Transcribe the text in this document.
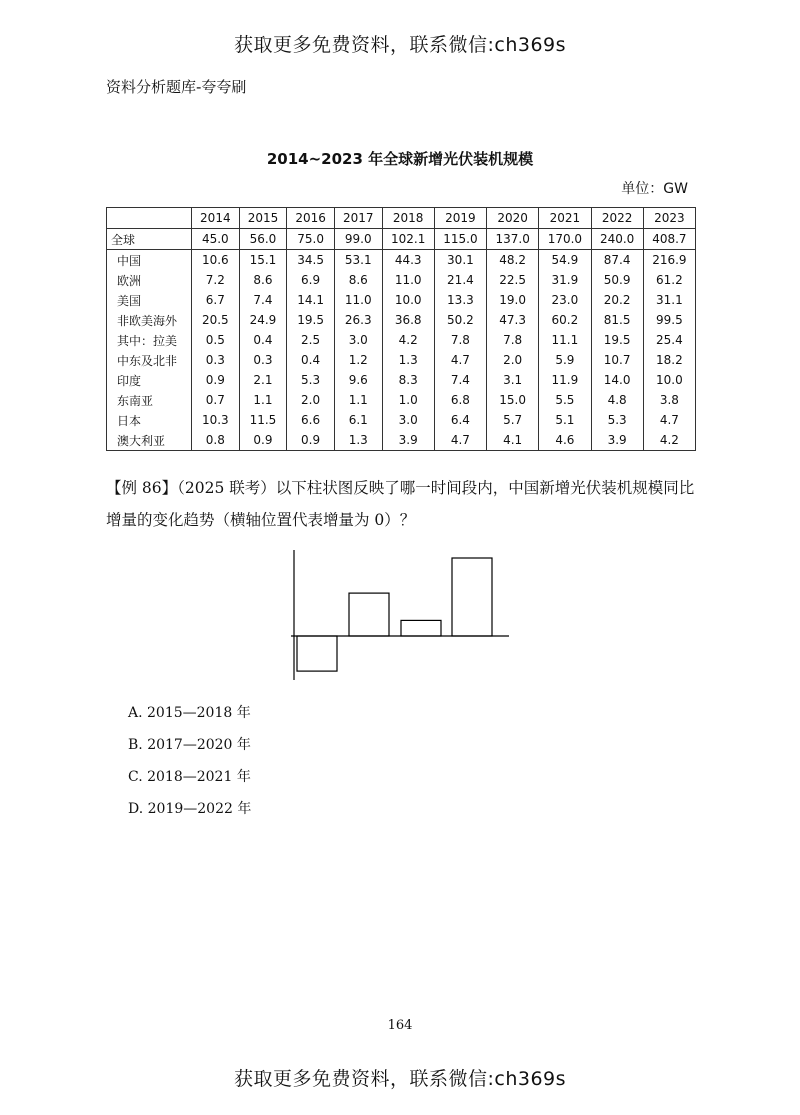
获取更多免费资料，联系微信:ch369s
资料分析题库-夸夸刷
2014~2023 年全球新增光伏装机规模
单位：GW
	2014	2015	2016	2017	2018	2019	2020	2021	2022	2023
全球	45.0	56.0	75.0	99.0	102.1	115.0	137.0	170.0	240.0	408.7
中国	10.6	15.1	34.5	53.1	44.3	30.1	48.2	54.9	87.4	216.9
欧洲	7.2	8.6	6.9	8.6	11.0	21.4	22.5	31.9	50.9	61.2
美国	6.7	7.4	14.1	11.0	10.0	13.3	19.0	23.0	20.2	31.1
非欧美海外	20.5	24.9	19.5	26.3	36.8	50.2	47.3	60.2	81.5	99.5
其中：拉美	0.5	0.4	2.5	3.0	4.2	7.8	7.8	11.1	19.5	25.4
中东及北非	0.3	0.3	0.4	1.2	1.3	4.7	2.0	5.9	10.7	18.2
印度	0.9	2.1	5.3	9.6	8.3	7.4	3.1	11.9	14.0	10.0
东南亚	0.7	1.1	2.0	1.1	1.0	6.8	15.0	5.5	4.8	3.8
日本	10.3	11.5	6.6	6.1	3.0	6.4	5.7	5.1	5.3	4.7
澳大利亚	0.8	0.9	0.9	1.3	3.9	4.7	4.1	4.6	3.9	4.2
【例 86】（2025 联考）以下柱状图反映了哪一时间段内，中国新增光伏装机规模同比增量的变化趋势（横轴位置代表增量为 0）？
A. 2015—2018 年
B. 2017—2020 年
C. 2018—2021 年
D. 2019—2022 年
164
获取更多免费资料，联系微信:ch369s
